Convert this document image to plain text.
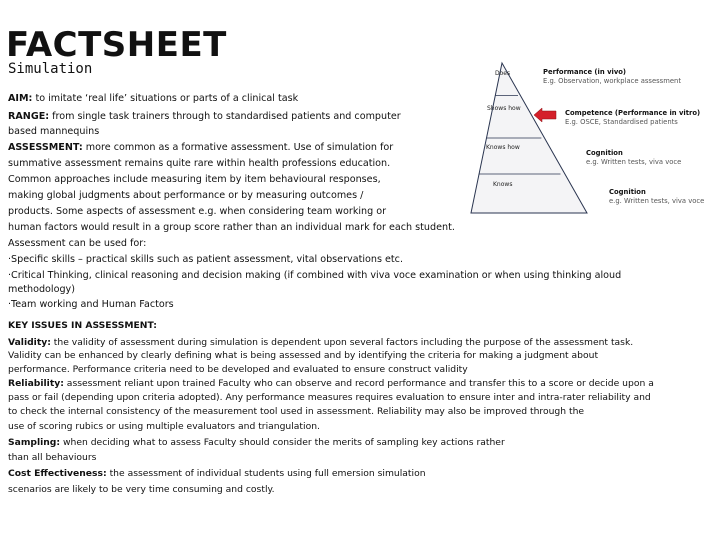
FACTSHEET
Simulation	Does
Shows how
Knows how
Knows
Performance (in vivo)
E.g. Observation, workplace assessment
Competence (Performance in vitro)
E.g. OSCE, Standardised patients
Cognition
e.g. Written tests, viva voce
Cognition
e.g. Written tests, viva voce

AIM: to imitate ‘real life’ situations or parts of a clinical task

RANGE: from single task trainers through to standardised patients and computer

based mannequins

ASSESSMENT: more common as a formative assessment. Use of simulation for

summative assessment remains quite rare within health professions education.

Common approaches include measuring item by item behavioural responses,

making global judgments about performance or by measuring outcomes /

products. Some aspects of assessment e.g. when considering team working or

human factors would result in a group score rather than an individual mark for each student.

Assessment can be used for:

·Specific skills – practical skills such as patient assessment, vital observations etc.

·Critical Thinking, clinical reasoning and decision making (if combined with viva voce examination or when using thinking aloud

methodology)

·Team working and Human Factors

KEY ISSUES IN ASSESSMENT:

Validity: the validity of assessment during simulation is dependent upon several factors including the purpose of the assessment task.

Validity can be enhanced by clearly defining what is being assessed and by identifying the criteria for making a judgment about

performance. Performance criteria need to be developed and evaluated to ensure construct validity

Reliability: assessment reliant upon trained Faculty who can observe and record performance and transfer this to a score or decide upon a

pass or fail (depending upon criteria adopted). Any performance measures requires evaluation to ensure inter and intra-rater reliability and

to check the internal consistency of the measurement tool used in assessment. Reliability may also be improved through the

use of scoring rubics or using multiple evaluators and triangulation.

Sampling: when deciding what to assess Faculty should consider the merits of sampling key actions rather

than all behaviours

Cost Effectiveness: the assessment of individual students using full emersion simulation

scenarios are likely to be very time consuming and costly.
